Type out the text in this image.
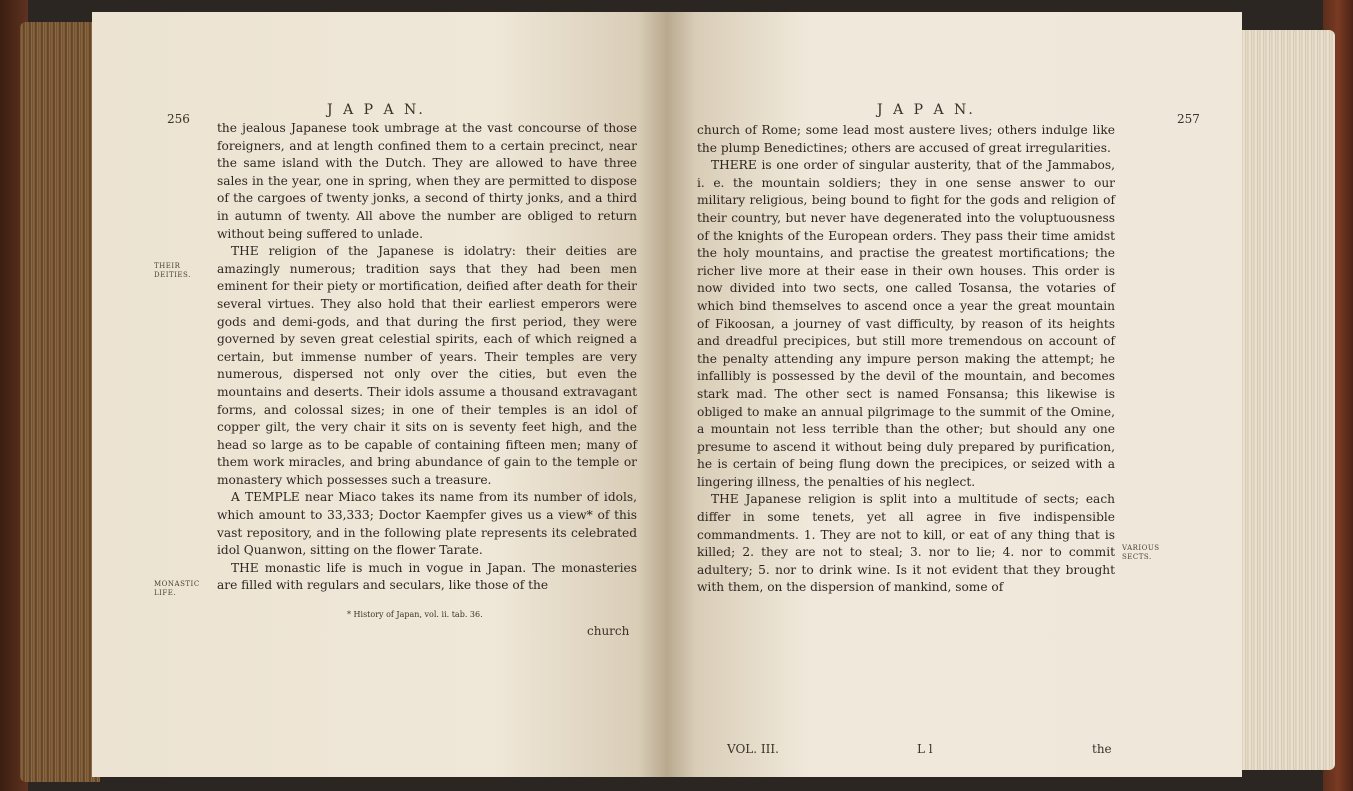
256
J A P A N.
THEIR DEITIES.
MONASTIC LIFE.

the jealous Japanese took umbrage at the vast concourse of those foreigners, and at length confined them to a certain precinct, near the same island with the Dutch. They are allowed to have three sales in the year, one in spring, when they are permitted to dispose of the cargoes of twenty jonks, a second of thirty jonks, and a third in autumn of twenty. All above the number are obliged to return without being suffered to unlade.

THE religion of the Japanese is idolatry: their deities are amazingly numerous; tradition says that they had been men eminent for their piety or mortification, deified after death for their several virtues. They also hold that their earliest emperors were gods and demi-gods, and that during the first period, they were governed by seven great celestial spirits, each of which reigned a certain, but immense number of years. Their temples are very numerous, dispersed not only over the cities, but even the mountains and deserts. Their idols assume a thousand extravagant forms, and colossal sizes; in one of their temples is an idol of copper gilt, the very chair it sits on is seventy feet high, and the head so large as to be capable of containing fifteen men; many of them work miracles, and bring abundance of gain to the temple or monastery which possesses such a treasure.

A TEMPLE near Miaco takes its name from its number of idols, which amount to 33,333; Doctor Kaempfer gives us a view* of this vast repository, and in the following plate represents its celebrated idol Quanwon, sitting on the flower Tarate.

THE monastic life is much in vogue in Japan. The monasteries are filled with regulars and seculars, like those of the

* History of Japan, vol. ii. tab. 36.
church
J A P A N.
257
VARIOUS SECTS.

church of Rome; some lead most austere lives; others indulge like the plump Benedictines; others are accused of great irregularities.

THERE is one order of singular austerity, that of the Jammabos, i. e. the mountain soldiers; they in one sense answer to our military religious, being bound to fight for the gods and religion of their country, but never have degenerated into the voluptuousness of the knights of the European orders. They pass their time amidst the holy mountains, and practise the greatest mortifications; the richer live more at their ease in their own houses. This order is now divided into two sects, one called Tosansa, the votaries of which bind themselves to ascend once a year the great mountain of Fikoosan, a journey of vast difficulty, by reason of its heights and dreadful precipices, but still more tremendous on account of the penalty attending any impure person making the attempt; he infallibly is possessed by the devil of the mountain, and becomes stark mad. The other sect is named Fonsansa; this likewise is obliged to make an annual pilgrimage to the summit of the Omine, a mountain not less terrible than the other; but should any one presume to ascend it without being duly prepared by purification, he is certain of being flung down the precipices, or seized with a lingering illness, the penalties of his neglect.

THE Japanese religion is split into a multitude of sects; each differ in some tenets, yet all agree in five indispensible commandments. 1. They are not to kill, or eat of any thing that is killed; 2. they are not to steal; 3. nor to lie; 4. nor to commit adultery; 5. nor to drink wine. Is it not evident that they brought with them, on the dispersion of mankind, some of

VOL. III.	L l	the
